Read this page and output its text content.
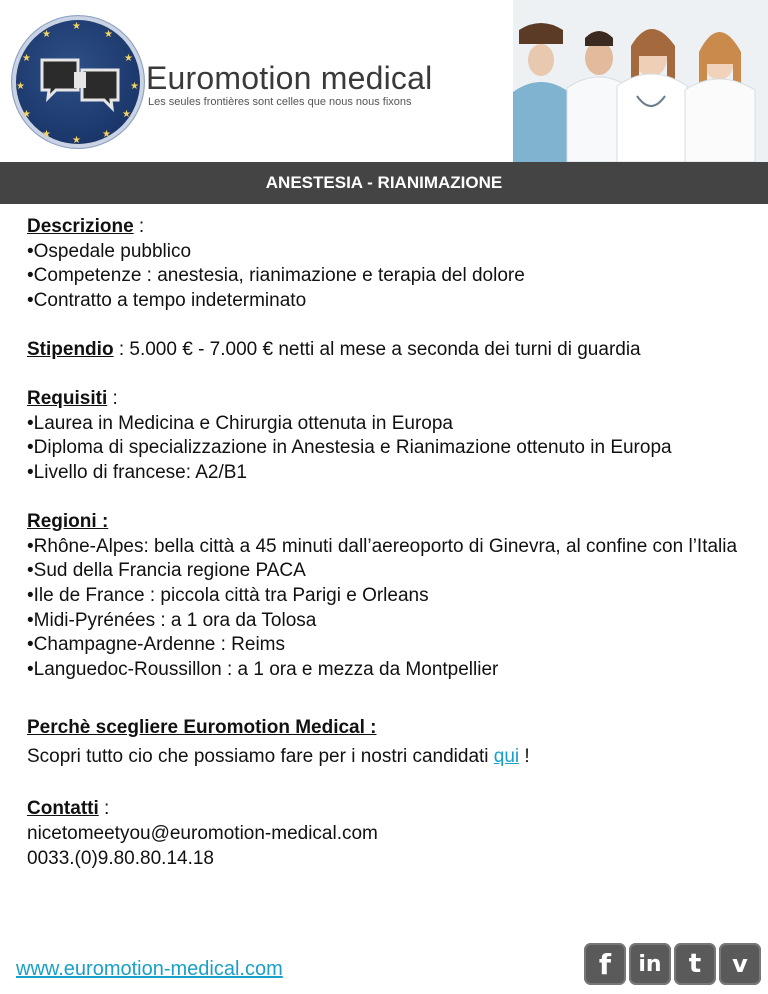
★
★
★
★
★
★
★
★
★
★
★
★
Euromotion medical
Les seules frontières sont celles que nous nous fixons
ANESTESIA - RIANIMAZIONE

Descrizione :

•Ospedale pubblico

•Competenze : anestesia, rianimazione e terapia del dolore

•Contratto a tempo indeterminato

Stipendio : 5.000 € - 7.000 € netti al mese a seconda dei turni di guardia

Requisiti :

•Laurea in Medicina e Chirurgia ottenuta in Europa

•Diploma di specializzazione in Anestesia e Rianimazione ottenuto in Europa

•Livello di francese: A2/B1

Regioni :

•Rhône-Alpes: bella città a 45 minuti dall’aereoporto di Ginevra, al confine con l’Italia

•Sud della Francia regione PACA

•Ile de France : piccola città tra Parigi e Orleans

•Midi-Pyrénées : a 1 ora da Tolosa

•Champagne-Ardenne : Reims

•Languedoc-Roussillon : a 1 ora e mezza da Montpellier

Perchè scegliere Euromotion Medical :

Scopri tutto cio che possiamo fare per i nostri candidati qui !

Contatti :

nicetomeetyou@euromotion-medical.com

0033.(0)9.80.80.14.18

www.euromotion-medical.com	f	in	t	v
